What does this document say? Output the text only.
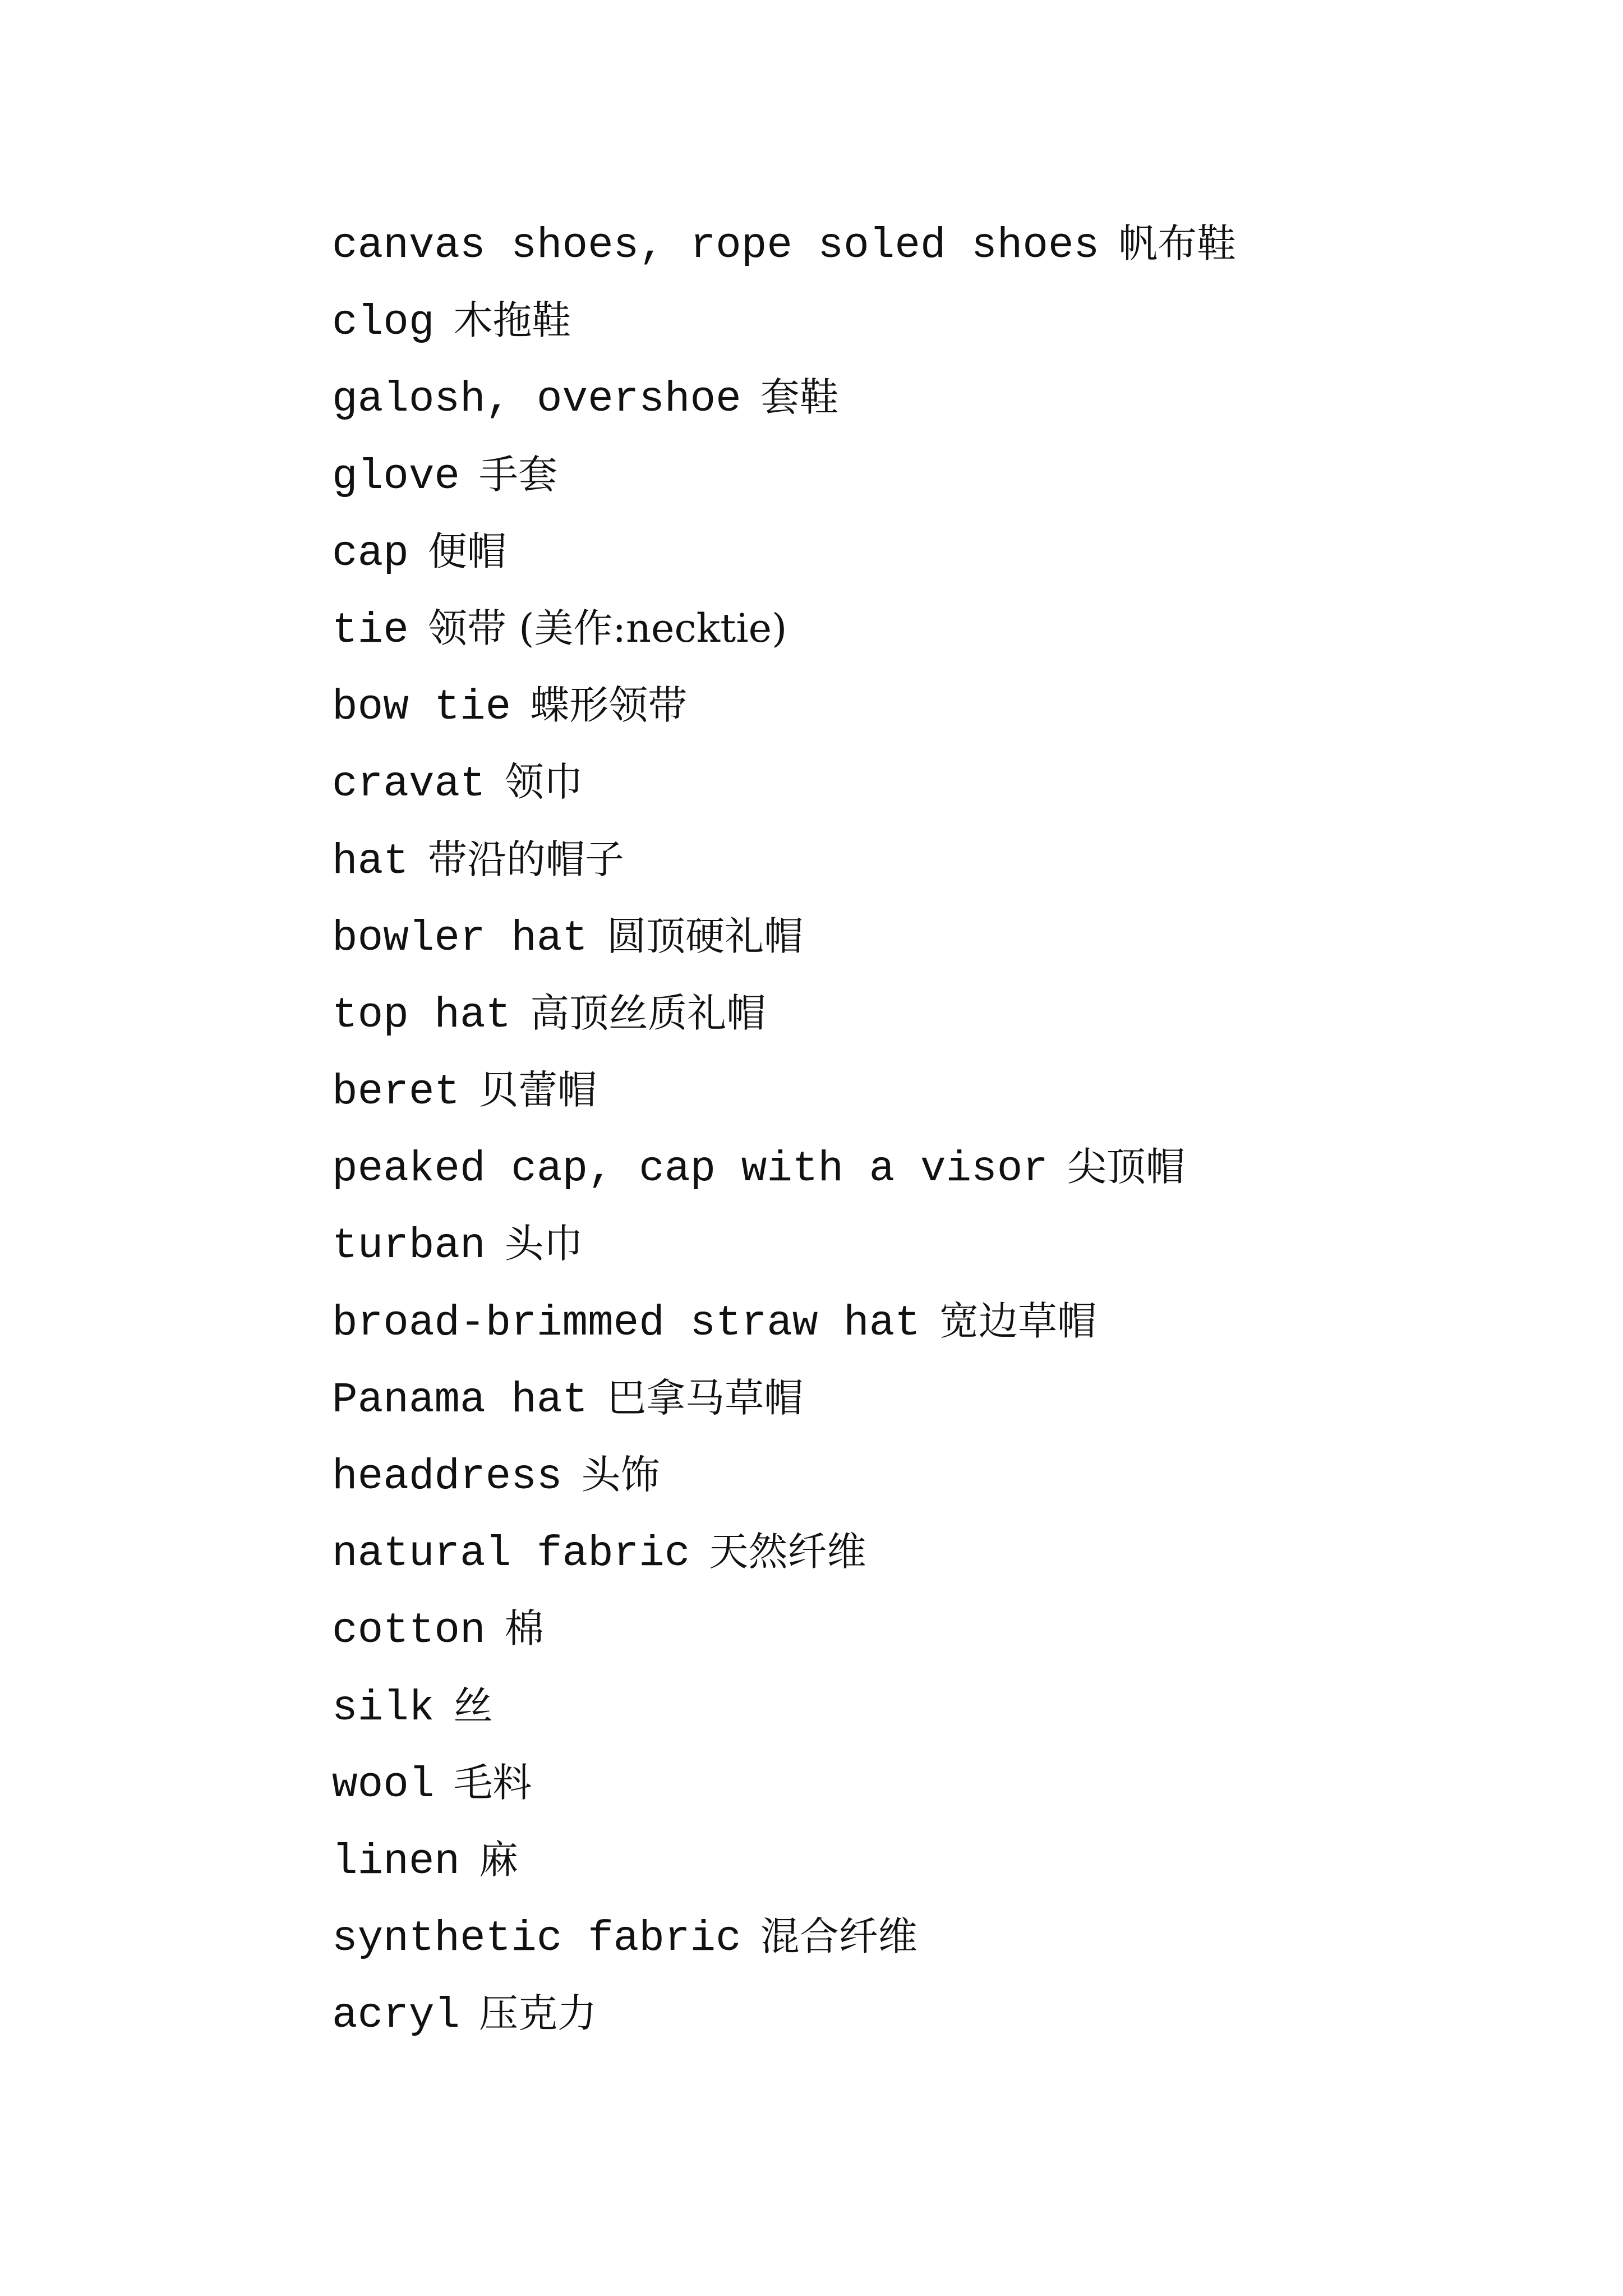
canvas shoes, rope soled shoes 帆布鞋
clog 木拖鞋
galosh, overshoe 套鞋
glove 手套
cap 便帽
tie 领带 (美作:necktie)
bow tie 蝶形领带
cravat 领巾
hat 带沿的帽子
bowler hat 圆顶硬礼帽
top hat 高顶丝质礼帽
beret 贝蕾帽
peaked cap, cap with a visor 尖顶帽
turban 头巾
broad-brimmed straw hat 宽边草帽
Panama hat 巴拿马草帽
headdress 头饰
natural fabric 天然纤维
cotton 棉
silk 丝
wool 毛料
linen 麻
synthetic fabric 混合纤维
acryl 压克力
